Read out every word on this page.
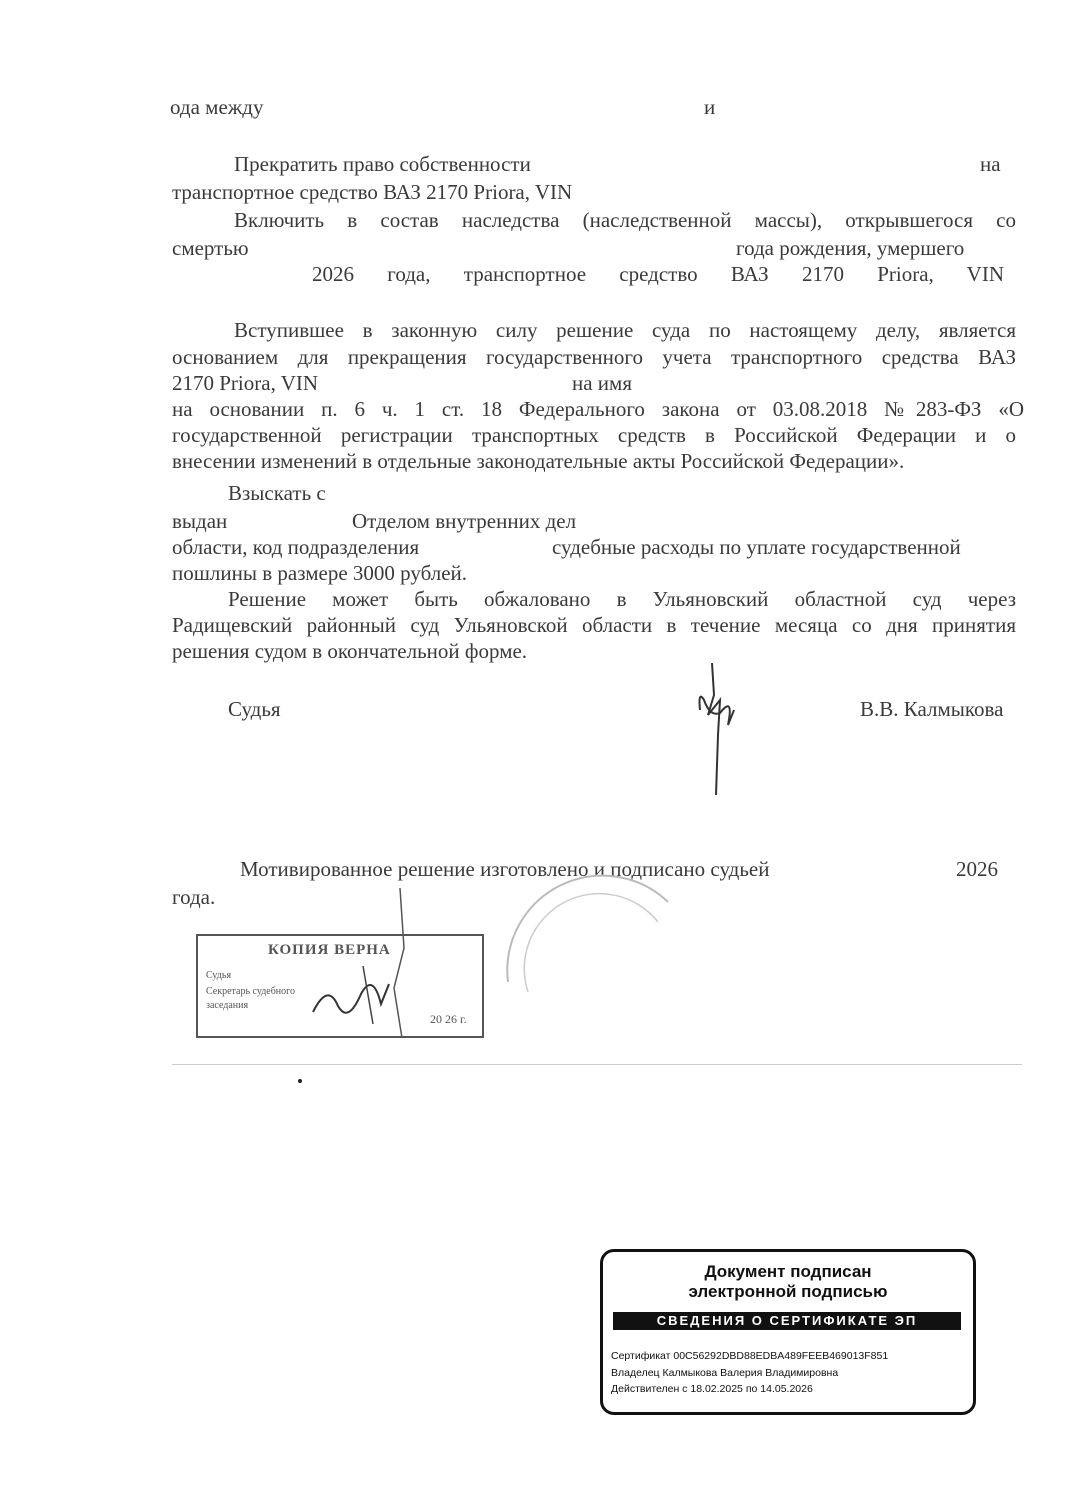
ода между	и
Прекратить право собственности	на
транспортное средство ВАЗ 2170 Priora, VIN
Включить в состав наследства (наследственной массы), открывшегося со
смертью	года рождения, умершего
2026 года, транспортное средство ВАЗ 2170 Priora, VIN
Вступившее в законную силу решение суда по настоящему делу, является
основанием для прекращения государственного учета транспортного средства ВАЗ
2170 Priora, VIN	на имя
на основании п. 6 ч. 1 ст. 18 Федерального закона от 03.08.2018 №283-ФЗ «О
государственной регистрации транспортных средств в Российской Федерации и о
внесении изменений в отдельные законодательные акты Российской Федерации».
Взыскать с
выдан	Отделом внутренних дел
области, код подразделения	судебные расходы по уплате государственной
пошлины в размере 3000 рублей.
Решение может быть обжаловано в Ульяновский областной суд через
Радищевский районный суд Ульяновской области в течение месяца со дня принятия
решения судом в окончательной форме.
Судья	В.В. Калмыкова
Мотивированное решение изготовлено и подписано судьей	2026
года.
КОПИЯ ВЕРНА
Судья
Секретарь судебного
заседания
20 26 г.
Документ подписан
электронной подписью
СВЕДЕНИЯ О СЕРТИФИКАТЕ ЭП
Сертификат 00C56292DBD88EDBA489FEEB469013F851
Владелец Калмыкова Валерия Владимировна
Действителен с 18.02.2025 по 14.05.2026
